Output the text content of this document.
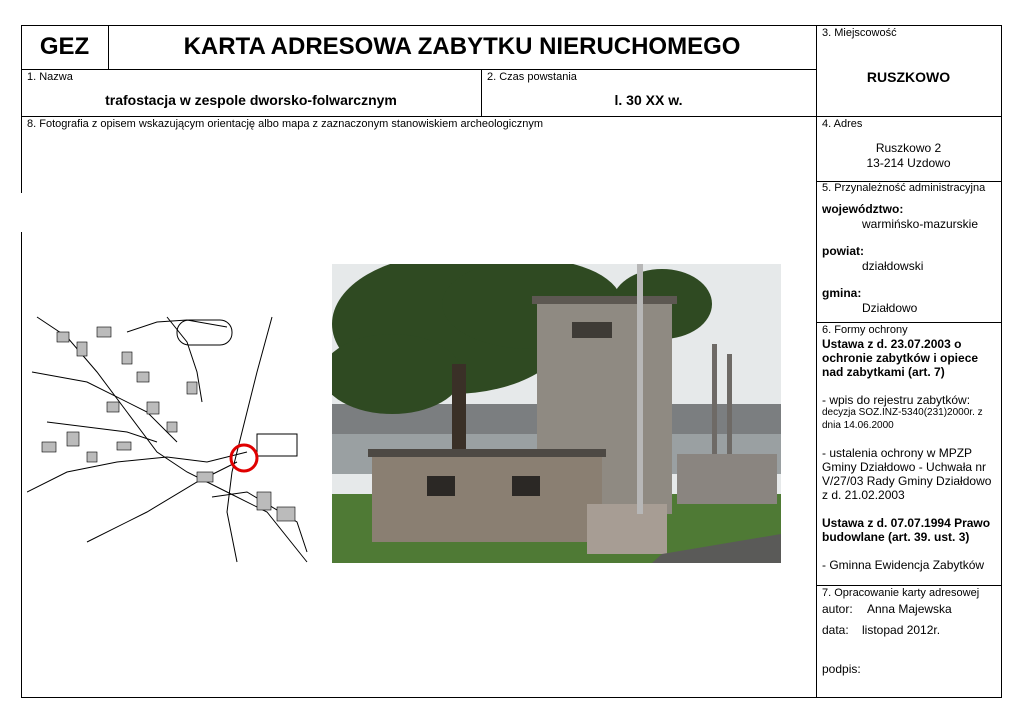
GEZ	KARTA ADRESOWA ZABYTKU NIERUCHOMEGO
1. Nazwa
trafostacja w zespole dworsko-folwarcznym
2. Czas powstania
l. 30 XX w.
3. Miejscowość
RUSZKOWO
8. Fotografia z opisem wskazującym orientację albo mapa z zaznaczonym stanowiskiem archeologicznym	4. Adres
Ruszkowo 2
13-214 Uzdowo
5. Przynależność administracyjna
województwo:
warmińsko-mazurskie
powiat:
działdowski
gmina:
Działdowo
6. Formy ochrony
Ustawa z d. 23.07.2003 o ochronie zabytków i opiece nad zabytkami (art. 7)
- wpis do rejestru zabytków:
decyzja SOZ.INZ-5340(231)2000r. z dnia 14.06.2000
- ustalenia ochrony w MPZP Gminy Działdowo - Uchwała nr V/27/03 Rady Gminy Działdowo z d. 21.02.2003
Ustawa z d. 07.07.1994 Prawo budowlane (art. 39. ust. 3)
- Gminna Ewidencja Zabytków
7. Opracowanie karty adresowej
autor: Anna Majewska
data: listopad 2012r.
podpis:
